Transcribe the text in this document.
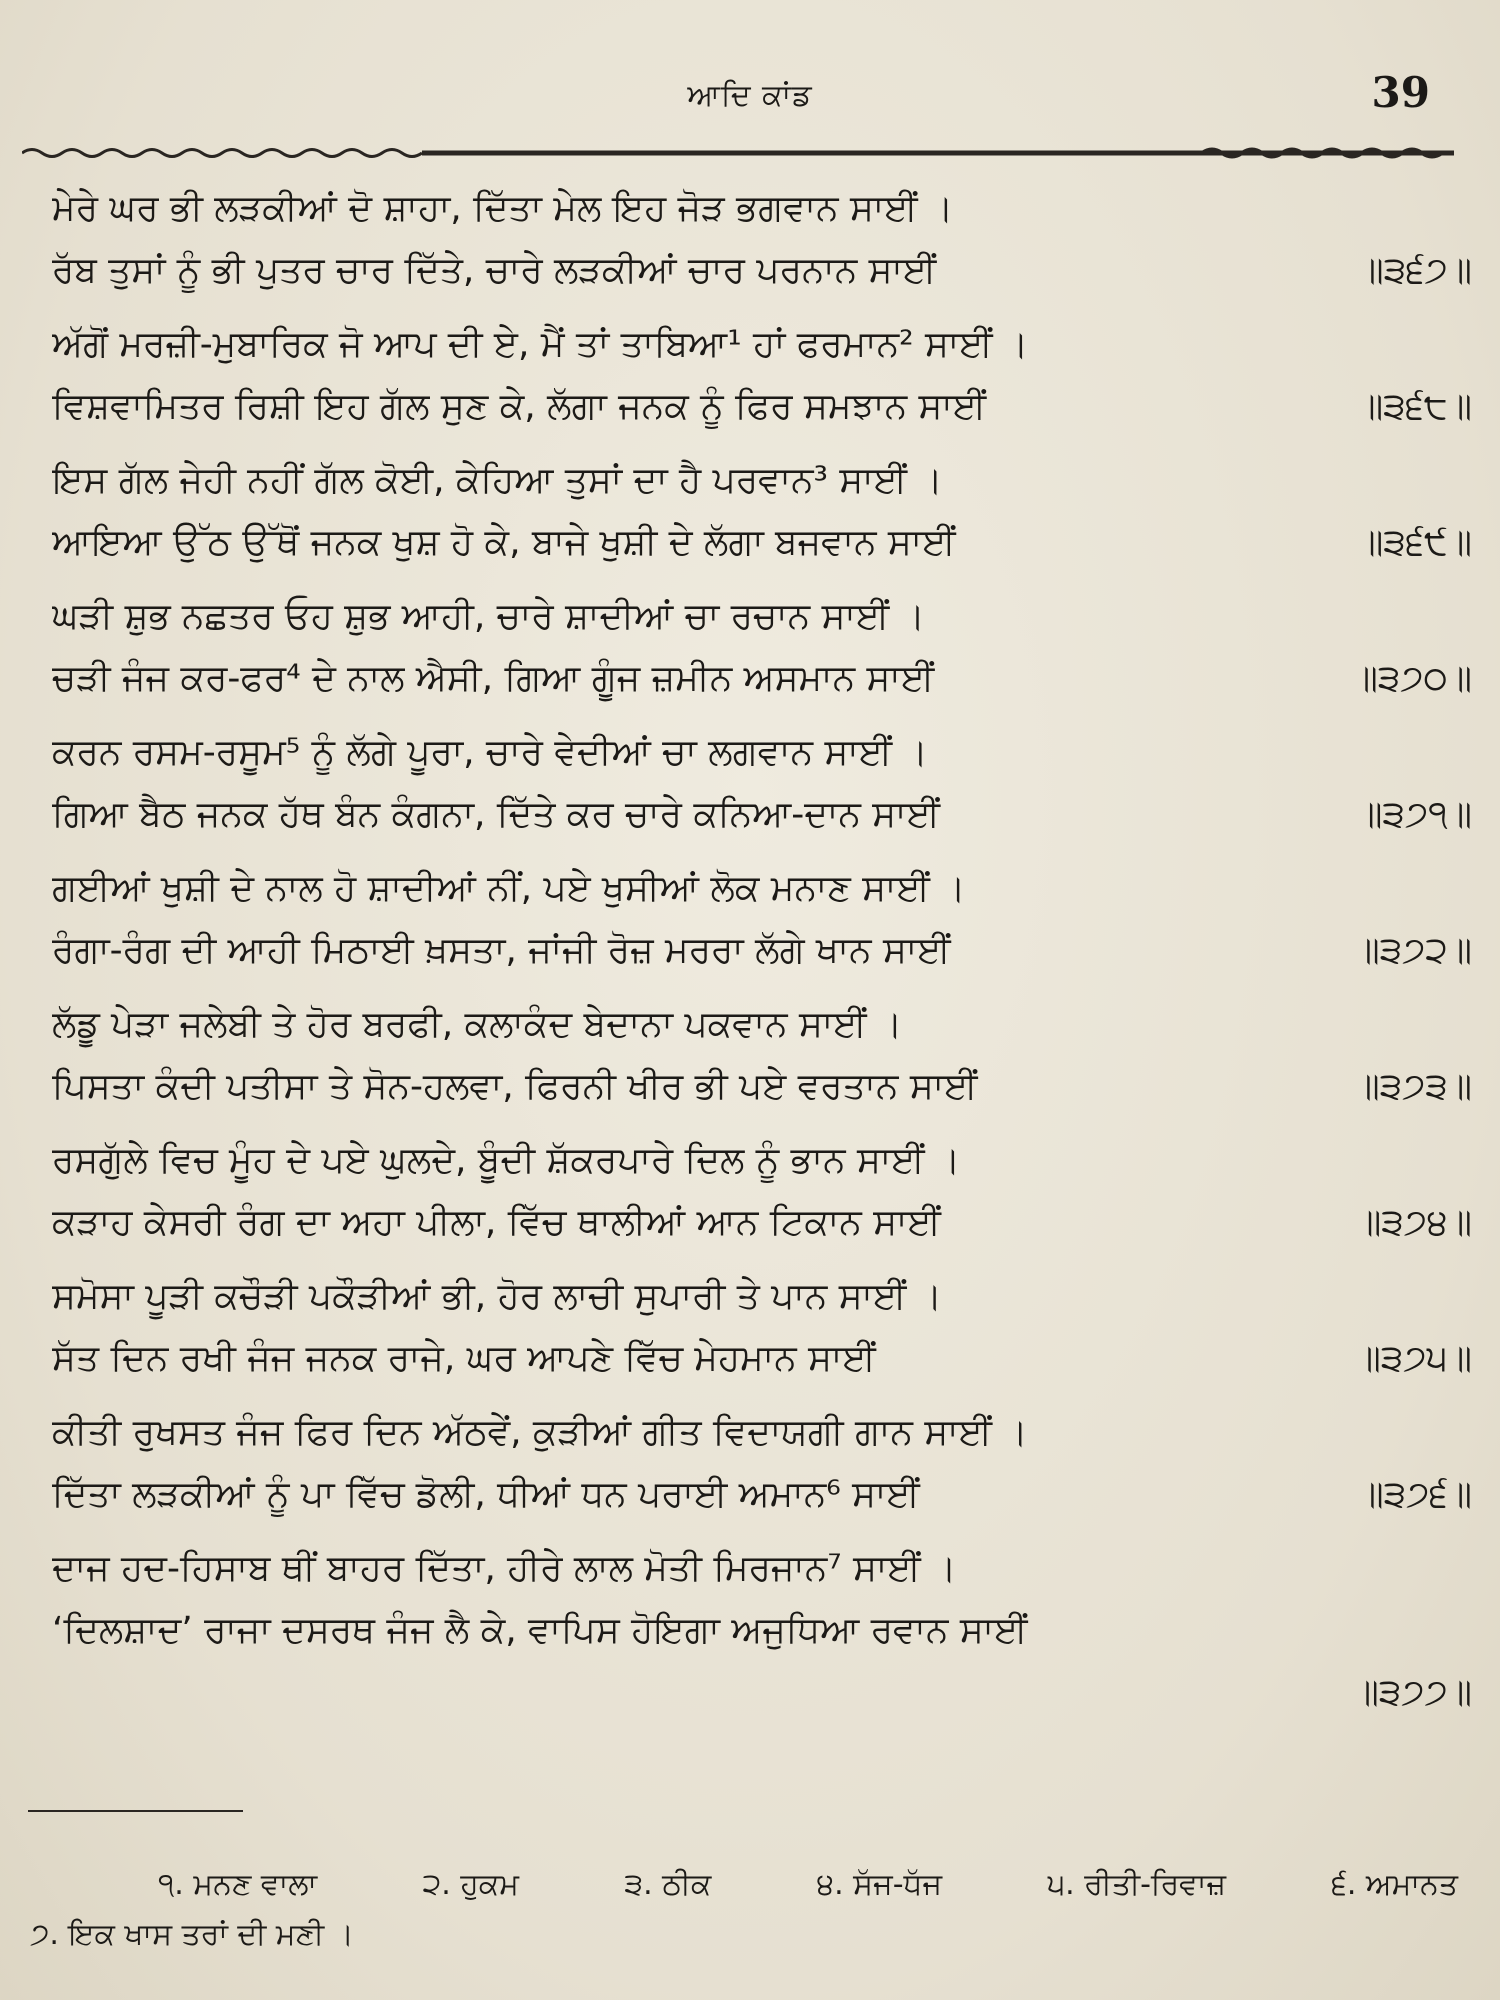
ਆਦਿ ਕਾਂਡ	39
ਮੇਰੇ ਘਰ ਭੀ ਲੜਕੀਆਂ ਦੋ ਸ਼ਾਹਾ, ਦਿੱਤਾ ਮੇਲ ਇਹ ਜੋੜ ਭਗਵਾਨ ਸਾਈਂ ।
ਰੱਬ ਤੁਸਾਂ ਨੂੰ ਭੀ ਪੁਤਰ ਚਾਰ ਦਿੱਤੇ, ਚਾਰੇ ਲੜਕੀਆਂ ਚਾਰ ਪਰਨਾਨ ਸਾਈਂ	॥੩੬੭॥
ਅੱਗੋਂ ਮਰਜ਼ੀ-ਮੁਬਾਰਿਕ ਜੋ ਆਪ ਦੀ ਏ, ਮੈਂ ਤਾਂ ਤਾਬਿਆ¹ ਹਾਂ ਫਰਮਾਨ² ਸਾਈਂ ।
ਵਿਸ਼ਵਾਮਿਤਰ ਰਿਸ਼ੀ ਇਹ ਗੱਲ ਸੁਣ ਕੇ, ਲੱਗਾ ਜਨਕ ਨੂੰ ਫਿਰ ਸਮਝਾਨ ਸਾਈਂ	॥੩੬੮॥
ਇਸ ਗੱਲ ਜੇਹੀ ਨਹੀਂ ਗੱਲ ਕੋਈ, ਕੇਹਿਆ ਤੁਸਾਂ ਦਾ ਹੈ ਪਰਵਾਨ³ ਸਾਈਂ ।
ਆਇਆ ਉੱਠ ਉੱਥੋਂ ਜਨਕ ਖੁਸ਼ ਹੋ ਕੇ, ਬਾਜੇ ਖੁਸ਼ੀ ਦੇ ਲੱਗਾ ਬਜਵਾਨ ਸਾਈਂ	॥੩੬੯॥
ਘੜੀ ਸ਼ੁਭ ਨਛਤਰ ਓਹ ਸ਼ੁਭ ਆਹੀ, ਚਾਰੇ ਸ਼ਾਦੀਆਂ ਚਾ ਰਚਾਨ ਸਾਈਂ ।
ਚੜੀ ਜੰਜ ਕਰ-ਫਰ⁴ ਦੇ ਨਾਲ ਐਸੀ, ਗਿਆ ਗੂੰਜ ਜ਼ਮੀਨ ਅਸਮਾਨ ਸਾਈਂ	॥੩੭੦॥
ਕਰਨ ਰਸਮ-ਰਸੂਮ⁵ ਨੂੰ ਲੱਗੇ ਪੂਰਾ, ਚਾਰੇ ਵੇਦੀਆਂ ਚਾ ਲਗਵਾਨ ਸਾਈਂ ।
ਗਿਆ ਬੈਠ ਜਨਕ ਹੱਥ ਬੰਨ ਕੰਗਨਾ, ਦਿੱਤੇ ਕਰ ਚਾਰੇ ਕਨਿਆ-ਦਾਨ ਸਾਈਂ	॥੩੭੧॥
ਗਈਆਂ ਖੁਸ਼ੀ ਦੇ ਨਾਲ ਹੋ ਸ਼ਾਦੀਆਂ ਨੀਂ, ਪਏ ਖੁਸੀਆਂ ਲੋਕ ਮਨਾਣ ਸਾਈਂ ।
ਰੰਗਾ-ਰੰਗ ਦੀ ਆਹੀ ਮਿਠਾਈ ਖ਼ਸਤਾ, ਜਾਂਜੀ ਰੋਜ਼ ਮਰਰਾ ਲੱਗੇ ਖਾਨ ਸਾਈਂ	॥੩੭੨॥
ਲੱਡੂ ਪੇੜਾ ਜਲੇਬੀ ਤੇ ਹੋਰ ਬਰਫੀ, ਕਲਾਕੰਦ ਬੇਦਾਨਾ ਪਕਵਾਨ ਸਾਈਂ ।
ਪਿਸਤਾ ਕੰਦੀ ਪਤੀਸਾ ਤੇ ਸੋਨ-ਹਲਵਾ, ਫਿਰਨੀ ਖੀਰ ਭੀ ਪਏ ਵਰਤਾਨ ਸਾਈਂ	॥੩੭੩॥
ਰਸਗੁੱਲੇ ਵਿਚ ਮੂੰਹ ਦੇ ਪਏ ਘੁਲਦੇ, ਬੂੰਦੀ ਸ਼ੱਕਰਪਾਰੇ ਦਿਲ ਨੂੰ ਭਾਨ ਸਾਈਂ ।
ਕੜਾਹ ਕੇਸਰੀ ਰੰਗ ਦਾ ਅਹਾ ਪੀਲਾ, ਵਿੱਚ ਥਾਲੀਆਂ ਆਨ ਟਿਕਾਨ ਸਾਈਂ	॥੩੭੪॥
ਸਮੋਸਾ ਪੂੜੀ ਕਚੌੜੀ ਪਕੌੜੀਆਂ ਭੀ, ਹੋਰ ਲਾਚੀ ਸੁਪਾਰੀ ਤੇ ਪਾਨ ਸਾਈਂ ।
ਸੱਤ ਦਿਨ ਰਖੀ ਜੰਜ ਜਨਕ ਰਾਜੇ, ਘਰ ਆਪਣੇ ਵਿੱਚ ਮੇਹਮਾਨ ਸਾਈਂ	॥੩੭੫॥
ਕੀਤੀ ਰੁਖਸਤ ਜੰਜ ਫਿਰ ਦਿਨ ਅੱਠਵੇਂ, ਕੁੜੀਆਂ ਗੀਤ ਵਿਦਾਯਗੀ ਗਾਨ ਸਾਈਂ ।
ਦਿੱਤਾ ਲੜਕੀਆਂ ਨੂੰ ਪਾ ਵਿੱਚ ਡੋਲੀ, ਧੀਆਂ ਧਨ ਪਰਾਈ ਅਮਾਨ⁶ ਸਾਈਂ	॥੩੭੬॥
ਦਾਜ ਹਦ-ਹਿਸਾਬ ਥੀਂ ਬਾਹਰ ਦਿੱਤਾ, ਹੀਰੇ ਲਾਲ ਮੋਤੀ ਮਿਰਜਾਨ⁷ ਸਾਈਂ ।
‘ਦਿਲਸ਼ਾਦ’ ਰਾਜਾ ਦਸਰਥ ਜੰਜ ਲੈ ਕੇ, ਵਾਪਿਸ ਹੋਇਗਾ ਅਜੁਧਿਆ ਰਵਾਨ ਸਾਈਂ
॥੩੭੭॥
੧. ਮਨਣ ਵਾਲਾ	੨. ਹੁਕਮ	੩. ਠੀਕ	੪. ਸੱਜ-ਧੱਜ	੫. ਰੀਤੀ-ਰਿਵਾਜ਼	੬. ਅਮਾਨਤ
੭. ਇਕ ਖਾਸ ਤਰਾਂ ਦੀ ਮਣੀ ।
